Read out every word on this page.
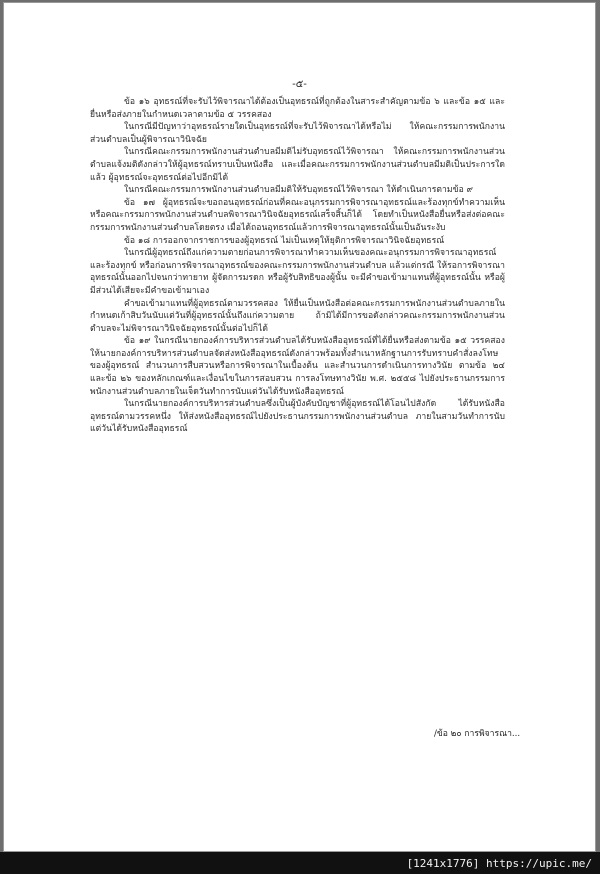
-๕-

ข้อ ๑๖ อุทธรณ์ที่จะรับไว้พิจารณาได้ต้องเป็นอุทธรณ์ที่ถูกต้องในสาระสำคัญตามข้อ ๖ และข้อ ๑๕ และยื่นหรือส่งภายในกำหนดเวลาตามข้อ ๕ วรรคสอง

ในกรณีมีปัญหาว่าอุทธรณ์รายใดเป็นอุทธรณ์ที่จะรับไว้พิจารณาได้หรือไม่ ให้คณะกรรมการพนักงานส่วนตำบลเป็นผู้พิจารณาวินิจฉัย

ในกรณีคณะกรรมการพนักงานส่วนตำบลมีมติไม่รับอุทธรณ์ไว้พิจารณา ให้คณะกรรมการพนักงานส่วนตำบลแจ้งมติดังกล่าวให้ผู้อุทธรณ์ทราบเป็นหนังสือ และเมื่อคณะกรรมการพนักงานส่วนตำบลมีมติเป็นประการใดแล้ว ผู้อุทธรณ์จะอุทธรณ์ต่อไปอีกมิได้

ในกรณีคณะกรรมการพนักงานส่วนตำบลมีมติให้รับอุทธรณ์ไว้พิจารณา ให้ดำเนินการตามข้อ ๙

ข้อ ๑๗ ผู้อุทธรณ์จะขอถอนอุทธรณ์ก่อนที่คณะอนุกรรมการพิจารณาอุทธรณ์และร้องทุกข์ทำความเห็นหรือคณะกรรมการพนักงานส่วนตำบลพิจารณาวินิจฉัยอุทธรณ์เสร็จสิ้นก็ได้ โดยทำเป็นหนังสือยื่นหรือส่งต่อคณะกรรมการพนักงานส่วนตำบลโดยตรง เมื่อได้ถอนอุทธรณ์แล้วการพิจารณาอุทธรณ์นั้นเป็นอันระงับ

ข้อ ๑๘ การออกจากราชการของผู้อุทธรณ์ ไม่เป็นเหตุให้ยุติการพิจารณาวินิจฉัยอุทธรณ์

ในกรณีผู้อุทธรณ์ถึงแก่ความตายก่อนการพิจารณาทำความเห็นของคณะอนุกรรมการพิจารณาอุทธรณ์และร้องทุกข์ หรือก่อนการพิจารณาอุทธรณ์ของคณะกรรมการพนักงานส่วนตำบล แล้วแต่กรณี ให้รอการพิจารณาอุทธรณ์นั้นออกไปจนกว่าทายาท ผู้จัดการมรดก หรือผู้รับสิทธิของผู้นั้น จะมีคำขอเข้ามาแทนที่ผู้อุทธรณ์นั้น หรือผู้มีส่วนได้เสียจะมีคำขอเข้ามาเอง

คำขอเข้ามาแทนที่ผู้อุทธรณ์ตามวรรคสอง ให้ยื่นเป็นหนังสือต่อคณะกรรมการพนักงานส่วนตำบลภายในกำหนดเก้าสิบวันนับแต่วันที่ผู้อุทธรณ์นั้นถึงแก่ความตาย ถ้ามิได้มีการขอดังกล่าวคณะกรรมการพนักงานส่วนตำบลจะไม่พิจารณาวินิจฉัยอุทธรณ์นั้นต่อไปก็ได้

ข้อ ๑๙ ในกรณีนายกองค์การบริหารส่วนตำบลได้รับหนังสืออุทธรณ์ที่ได้ยื่นหรือส่งตามข้อ ๑๕ วรรคสอง ให้นายกองค์การบริหารส่วนตำบลจัดส่งหนังสืออุทธรณ์ดังกล่าวพร้อมทั้งสำเนาหลักฐานการรับทราบคำสั่งลงโทษของผู้อุทธรณ์ สำนวนการสืบสวนหรือการพิจารณาในเบื้องต้น และสำนวนการดำเนินการทางวินัย ตามข้อ ๒๔ และข้อ ๒๖ ของหลักเกณฑ์และเงื่อนไขในการสอบสวน การลงโทษทางวินัย พ.ศ. ๒๕๕๘ ไปยังประธานกรรมการพนักงานส่วนตำบลภายในเจ็ดวันทำการนับแต่วันได้รับหนังสืออุทธรณ์

ในกรณีนายกองค์การบริหารส่วนตำบลซึ่งเป็นผู้บังคับบัญชาที่ผู้อุทธรณ์ได้โอนไปสังกัด ได้รับหนังสืออุทธรณ์ตามวรรคหนึ่ง ให้ส่งหนังสืออุทธรณ์ไปยังประธานกรรมการพนักงานส่วนตำบล ภายในสามวันทำการนับแต่วันได้รับหนังสืออุทธรณ์

/ข้อ ๒๐ การพิจารณา...
[1241x1776] https://upic.me/
